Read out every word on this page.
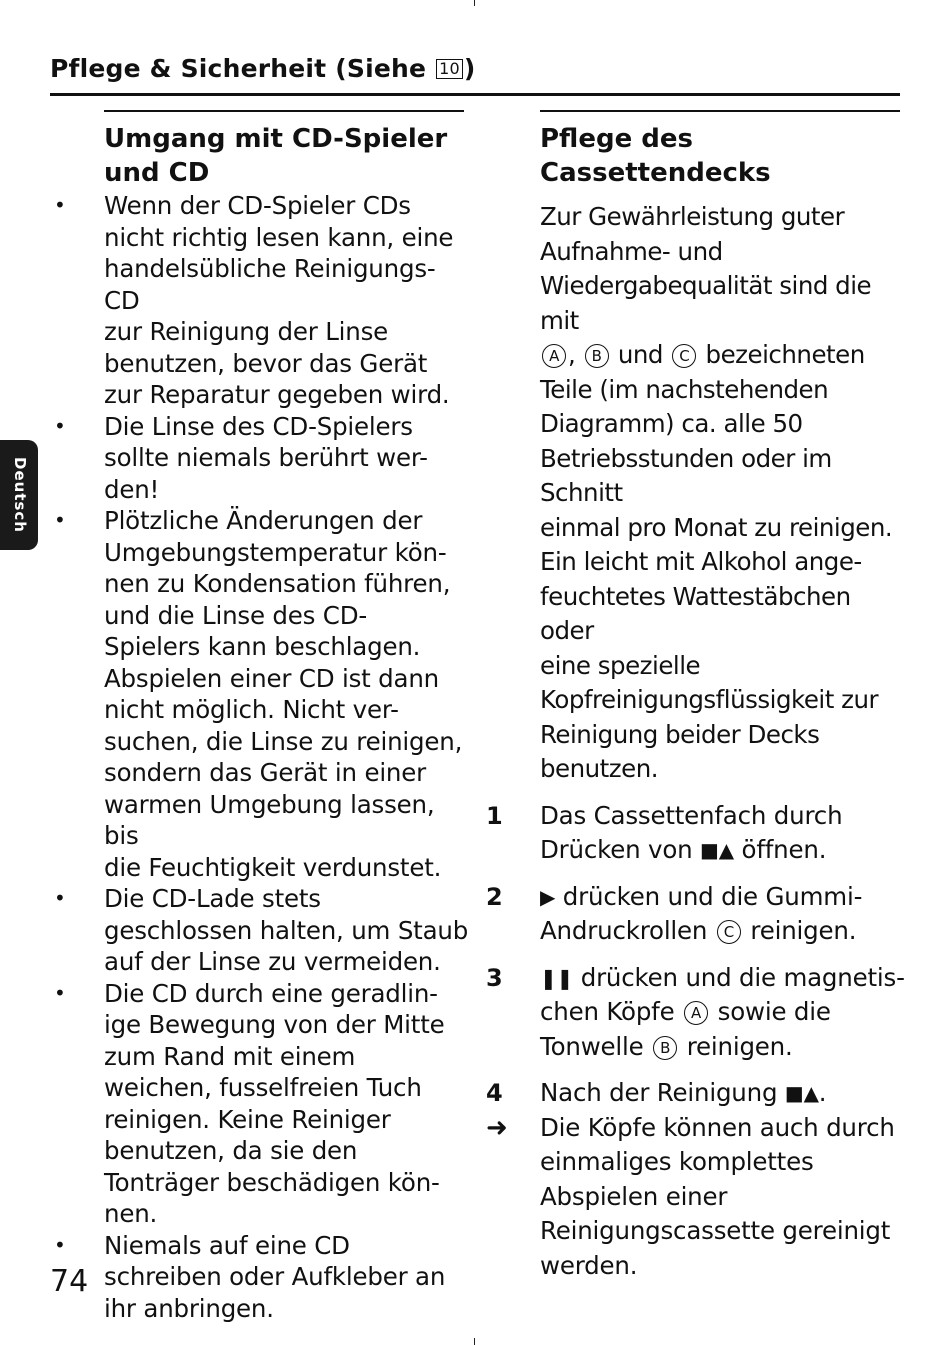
Pflege & Sicherheit (Siehe 10 )
Deutsch
Umgang mit CD-Spieler
und CD
• Wenn der CD-Spieler CDs
nicht richtig lesen kann, eine
handelsübliche Reinigungs-CD
zur Reinigung der Linse
benutzen, bevor das Gerät
zur Reparatur gegeben wird.
• Die Linse des CD-Spielers
sollte niemals berührt wer-
den!
• Plötzliche Änderungen der
Umgebungstemperatur kön-
nen zu Kondensation führen,
und die Linse des CD-
Spielers kann beschlagen.
Abspielen einer CD ist dann
nicht möglich. Nicht ver-
suchen, die Linse zu reinigen,
sondern das Gerät in einer
warmen Umgebung lassen, bis
die Feuchtigkeit verdunstet.
• Die CD-Lade stets
geschlossen halten, um Staub
auf der Linse zu vermeiden.
• Die CD durch eine geradlin-
ige Bewegung von der Mitte
zum Rand mit einem
weichen, fusselfreien Tuch
reinigen. Keine Reiniger
benutzen, da sie den
Tonträger beschädigen kön-
nen.
• Niemals auf eine CD
schreiben oder Aufkleber an
ihr anbringen.
Pflege des
Cassettendecks

Zur Gewährleistung guter
Aufnahme- und
Wiedergabequalität sind die mit
A , B und C bezeichneten
Teile (im nachstehenden
Diagramm) ca. alle 50
Betriebsstunden oder im Schnitt
einmal pro Monat zu reinigen.
Ein leicht mit Alkohol ange-
feuchtetes Wattestäbchen oder
eine spezielle
Kopfreinigungsflüssigkeit zur
Reinigung beider Decks
benutzen.

1 Das Cassettenfach durch
Drücken von ■▲ öffnen.
2 ▶ drücken und die Gummi-
Andruckrollen C reinigen.
3 ❚❚ drücken und die magnetis-
chen Köpfe A sowie die
Tonwelle B reinigen.
4 Nach der Reinigung ■▲.
➜ Die Köpfe können auch durch
einmaliges komplettes
Abspielen einer
Reinigungscassette gereinigt
werden.
74
